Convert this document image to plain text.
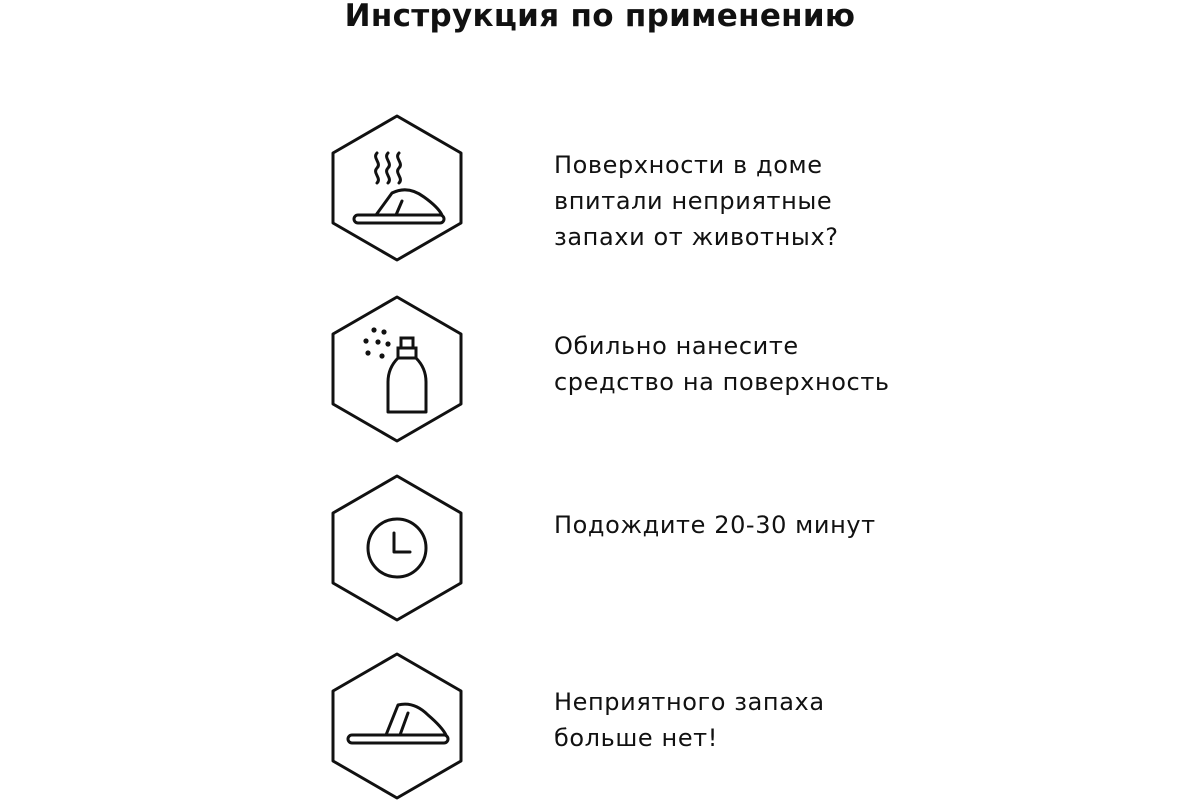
Инструкция по применению
Поверхности в доме
впитали неприятные
запахи от животных?
Обильно нанесите
средство на поверхность
Подождите 20-30 минут
Неприятного запаха
больше нет!
